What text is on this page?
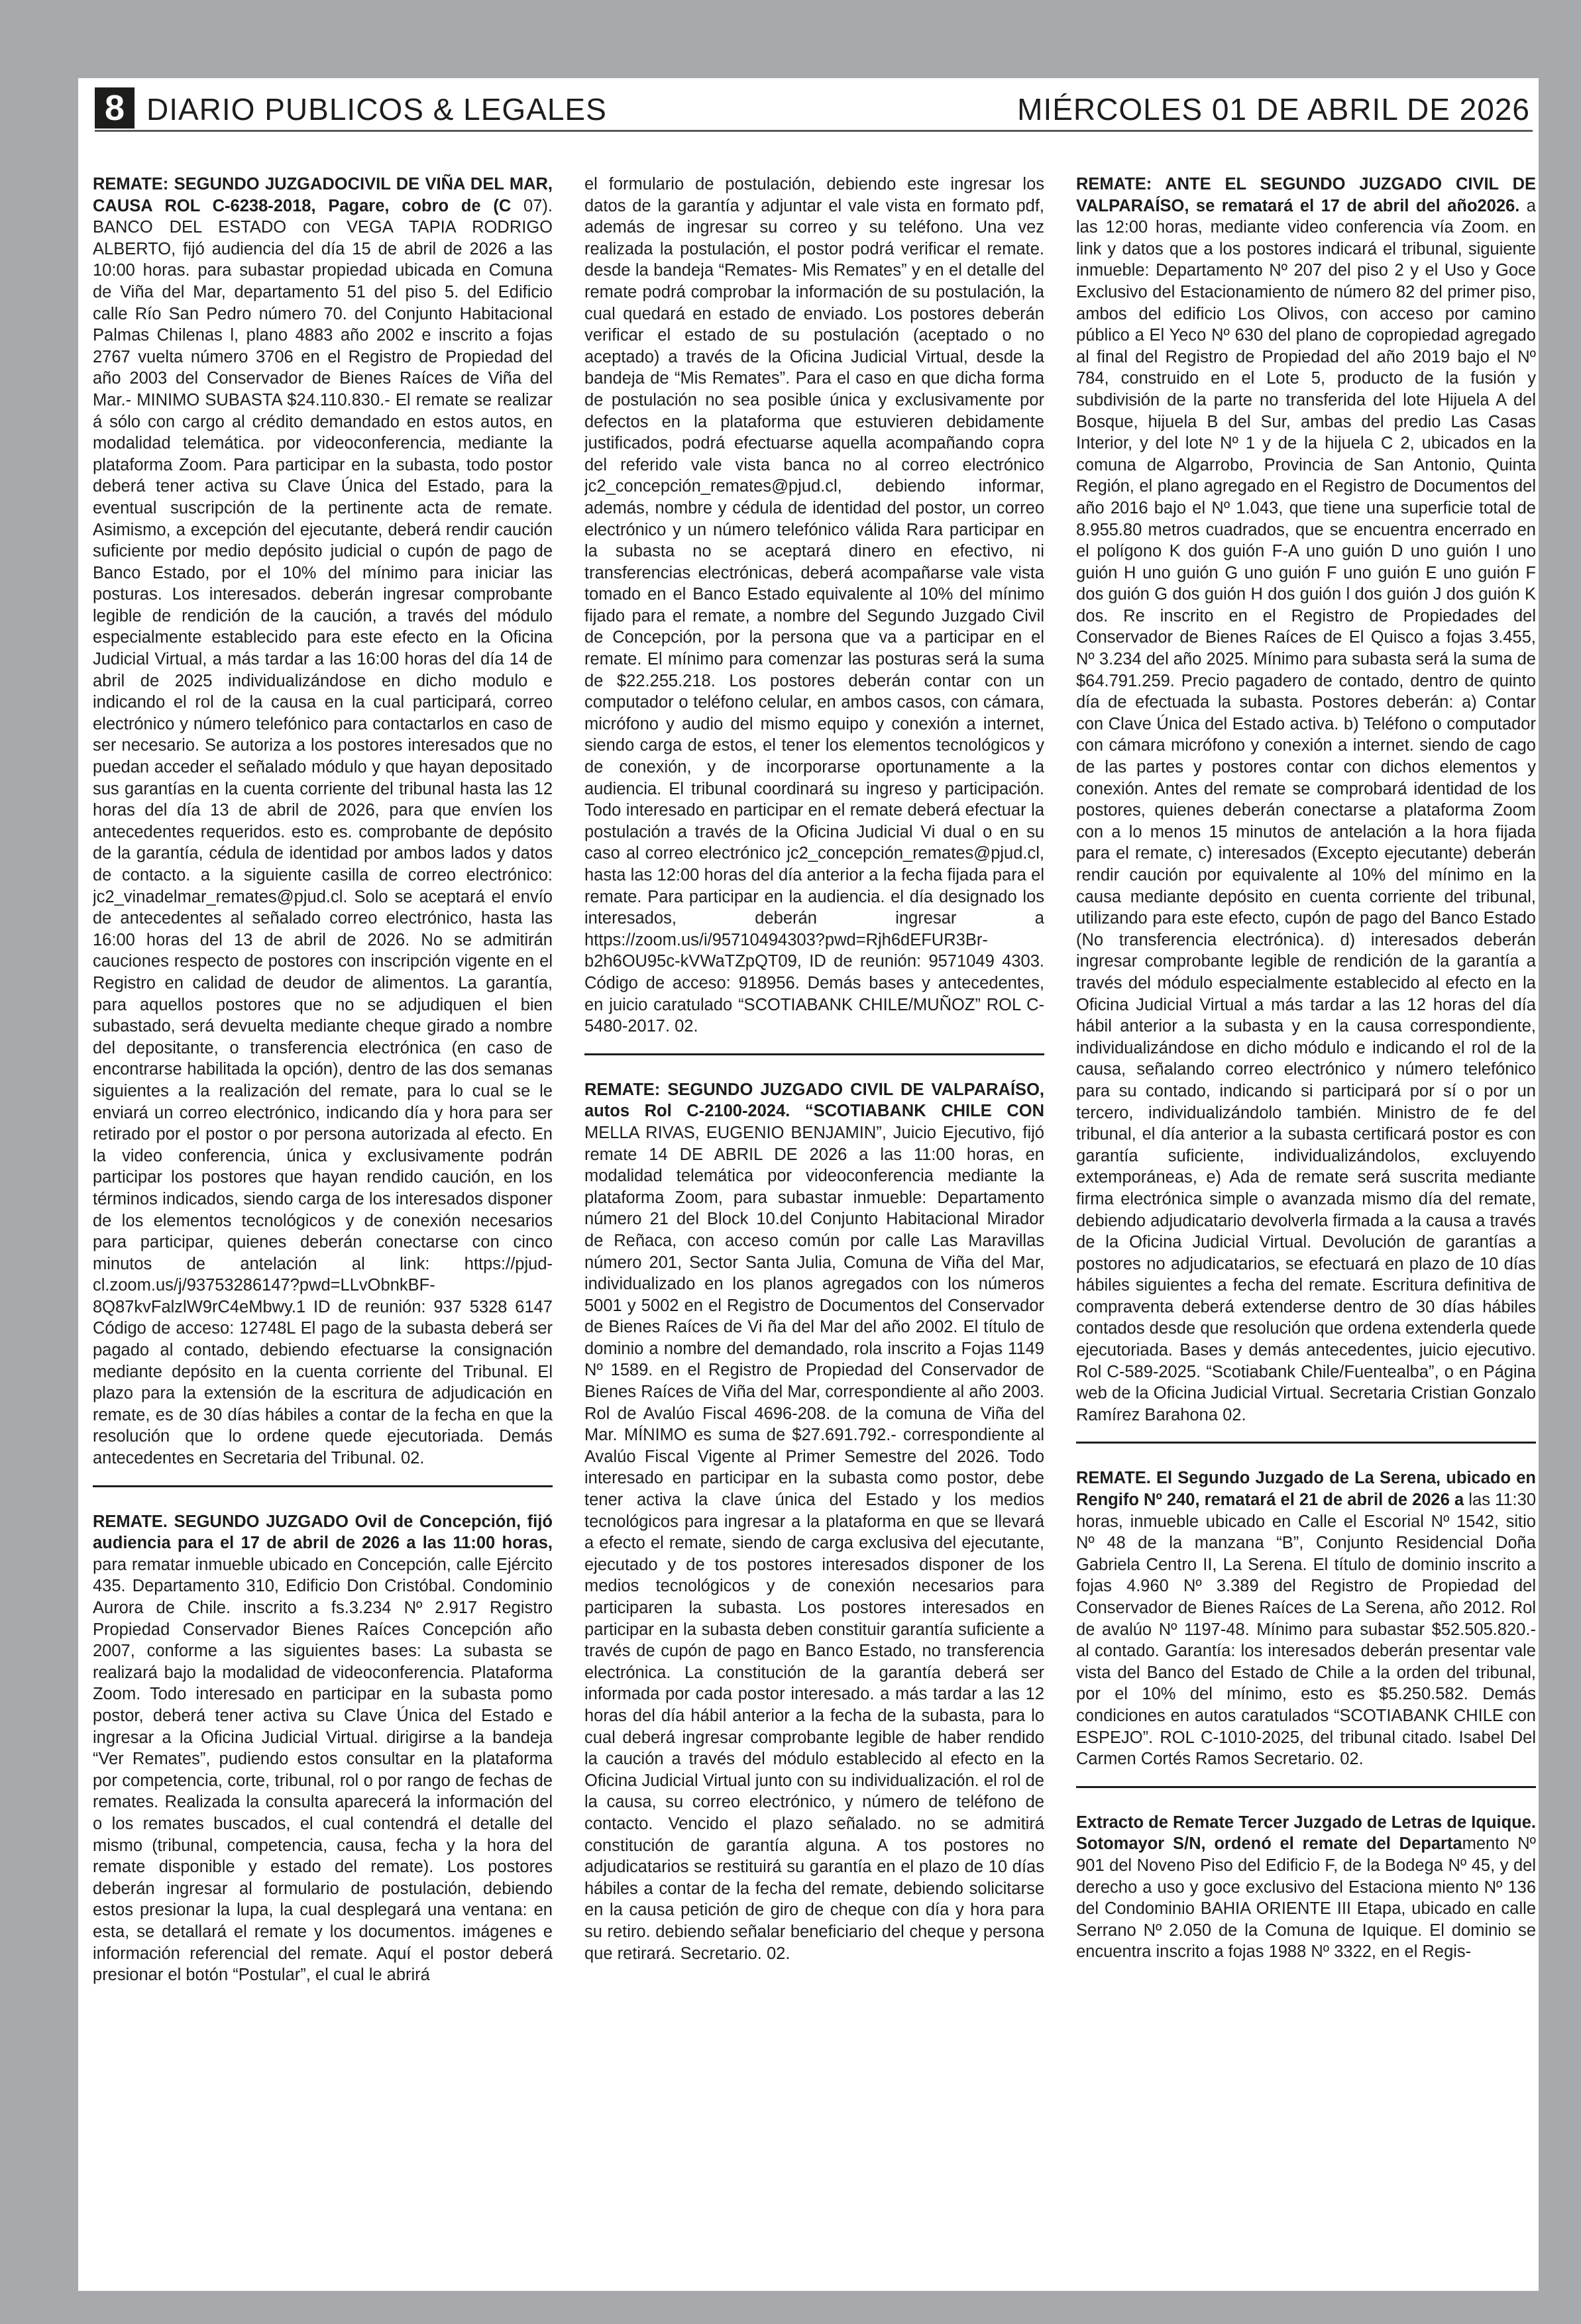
8 DIARIO PUBLICOS & LEGALES	MIÉRCOLES 01 DE ABRIL DE 2026

REMATE: SEGUNDO JUZGADOCIVIL DE VIÑA DEL MAR, CAUSA ROL C-6238-2018, Pagare, cobro de (C 07). BANCO DEL ESTADO con VEGA TAPIA RODRIGO ALBERTO, fijó audiencia del día 15 de abril de 2026 a las 10:00 horas. para subastar propiedad ubicada en Comuna de Viña del Mar, departamento 51 del piso 5. del Edificio calle Río San Pedro número 70. del Conjunto Habitacional Palmas Chilenas l, plano 4883 año 2002 e inscrito a fojas 2767 vuelta número 3706 en el Registro de Propiedad del año 2003 del Conservador de Bienes Raíces de Viña del Mar.- MINIMO SUBASTA $24.110.830.- El remate se realizar á sólo con cargo al crédito demandado en estos autos, en modalidad telemática. por videoconferencia, mediante la plataforma Zoom. Para participar en la subasta, todo postor deberá tener activa su Clave Única del Estado, para la eventual suscripción de la pertinente acta de remate. Asimismo, a excepción del ejecutante, deberá rendir caución suficiente por medio depósito judicial o cupón de pago de Banco Estado, por el 10% del mínimo para iniciar las posturas. Los interesados. deberán ingresar comprobante legible de rendición de la caución, a través del módulo especialmente establecido para este efecto en la Oficina Judicial Virtual, a más tardar a las 16:00 horas del día 14 de abril de 2025 individualizándose en dicho modulo e indicando el rol de la causa en la cual participará, correo electrónico y número telefónico para contactarlos en caso de ser necesario. Se autoriza a los postores interesados que no puedan acceder el señalado módulo y que hayan depositado sus garantías en la cuenta corriente del tribunal hasta las 12 horas del día 13 de abril de 2026, para que envíen los antecedentes requeridos. esto es. comprobante de depósito de la garantía, cédula de identidad por ambos lados y datos de contacto. a la siguiente casilla de correo electrónico: jc2_vinadelmar_remates@pjud.cl. Solo se aceptará el envío de antecedentes al señalado correo electrónico, hasta las 16:00 horas del 13 de abril de 2026. No se admitirán cauciones respecto de postores con inscripción vigente en el Registro en calidad de deudor de alimentos. La garantía, para aquellos postores que no se adjudiquen el bien subastado, será devuelta mediante cheque girado a nombre del depositante, o transferencia electrónica (en caso de encontrarse habilitada la opción), dentro de las dos semanas siguientes a la realización del remate, para lo cual se le enviará un correo electrónico, indicando día y hora para ser retirado por el postor o por persona autorizada al efecto. En la video conferencia, única y exclusivamente podrán participar los postores que hayan rendido caución, en los términos indicados, siendo carga de los interesados disponer de los elementos tecnológicos y de conexión necesarios para participar, quienes deberán conectarse con cinco minutos de antelación al link: https://pjud-cl.zoom.us/j/93753286147?pwd=LLvObnkBF-8Q87kvFalzlW9rC4eMbwy.1 ID de reunión: 937 5328 6147 Código de acceso: 12748L El pago de la subasta deberá ser pagado al contado, debiendo efectuarse la consignación mediante depósito en la cuenta corriente del Tribunal. El plazo para la extensión de la escritura de adjudicación en remate, es de 30 días hábiles a contar de la fecha en que la resolución que lo ordene quede ejecutoriada. Demás antecedentes en Secretaria del Tribunal. 02.

REMATE. SEGUNDO JUZGADO Ovil de Concepción, fijó audiencia para el 17 de abril de 2026 a las 11:00 horas, para rematar inmueble ubicado en Concepción, calle Ejército 435. Departamento 310, Edificio Don Cristóbal. Condominio Aurora de Chile. inscrito a fs.3.234 Nº 2.917 Registro Propiedad Conservador Bienes Raíces Concepción año 2007, conforme a las siguientes bases: La subasta se realizará bajo la modalidad de videoconferencia. Plataforma Zoom. Todo interesado en participar en la subasta pomo postor, deberá tener activa su Clave Única del Estado e ingresar a la Oficina Judicial Virtual. dirigirse a la bandeja “Ver Remates”, pudiendo estos consultar en la plataforma por competencia, corte, tribunal, rol o por rango de fechas de remates. Realizada la consulta aparecerá la información del o los remates buscados, el cual contendrá el detalle del mismo (tribunal, competencia, causa, fecha y la hora del remate disponible y estado del remate). Los postores deberán ingresar al formulario de postulación, debiendo estos presionar la lupa, la cual desplegará una ventana: en esta, se detallará el remate y los documentos. imágenes e información referencial del remate. Aquí el postor deberá presionar el botón “Postular”, el cual le abrirá

el formulario de postulación, debiendo este ingresar los datos de la garantía y adjuntar el vale vista en formato pdf, además de ingresar su correo y su teléfono. Una vez realizada la postulación, el postor podrá verificar el remate. desde la bandeja “Remates- Mis Remates” y en el detalle del remate podrá comprobar la información de su postulación, la cual quedará en estado de enviado. Los postores deberán verificar el estado de su postulación (aceptado o no aceptado) a través de la Oficina Judicial Virtual, desde la bandeja de “Mis Remates”. Para el caso en que dicha forma de postulación no sea posible única y exclusivamente por defectos en la plataforma que estuvieren debidamente justificados, podrá efectuarse aquella acompañando copra del referido vale vista banca no al correo electrónico jc2_concepción_remates@pjud.cl, debiendo informar, además, nombre y cédula de identidad del postor, un correo electrónico y un número telefónico válida Rara participar en la subasta no se aceptará dinero en efectivo, ni transferencias electrónicas, deberá acompañarse vale vista tomado en el Banco Estado equivalente al 10% del mínimo fijado para el remate, a nombre del Segundo Juzgado Civil de Concepción, por la persona que va a participar en el remate. El mínimo para comenzar las posturas será la suma de $22.255.218. Los postores deberán contar con un computador o teléfono celular, en ambos casos, con cámara, micrófono y audio del mismo equipo y conexión a internet, siendo carga de estos, el tener los elementos tecnológicos y de conexión, y de incorporarse oportunamente a la audiencia. El tribunal coordinará su ingreso y participación. Todo interesado en participar en el remate deberá efectuar la postulación a través de la Oficina Judicial Vi dual o en su caso al correo electrónico jc2_concepción_remates@pjud.cl, hasta las 12:00 horas del día anterior a la fecha fijada para el remate. Para participar en la audiencia. el día designado los interesados, deberán ingresar a https://zoom.us/i/95710494303?pwd=Rjh6dEFUR3Br-b2h6OU95c-kVWaTZpQT09, ID de reunión: 9571049 4303. Código de acceso: 918956. Demás bases y antecedentes, en juicio caratulado “SCOTIABANK CHILE/MUÑOZ” ROL C-5480-2017. 02.

REMATE: SEGUNDO JUZGADO CIVIL DE VALPARAÍSO, autos Rol C-2100-2024. “SCOTIABANK CHILE CON MELLA RIVAS, EUGENIO BENJAMIN”, Juicio Ejecutivo, fijó remate 14 DE ABRIL DE 2026 a las 11:00 horas, en modalidad telemática por videoconferencia mediante la plataforma Zoom, para subastar inmueble: Departamento número 21 del Block 10.del Conjunto Habitacional Mirador de Reñaca, con acceso común por calle Las Maravillas número 201, Sector Santa Julia, Comuna de Viña del Mar, individualizado en los planos agregados con los números 5001 y 5002 en el Registro de Documentos del Conservador de Bienes Raíces de Vi ña del Mar del año 2002. El título de dominio a nombre del demandado, rola inscrito a Fojas 1149 Nº 1589. en el Registro de Propiedad del Conservador de Bienes Raíces de Viña del Mar, correspondiente al año 2003. Rol de Avalúo Fiscal 4696-208. de la comuna de Viña del Mar. MÍNIMO es suma de $27.691.792.- correspondiente al Avalúo Fiscal Vigente al Primer Semestre del 2026. Todo interesado en participar en la subasta como postor, debe tener activa la clave única del Estado y los medios tecnológicos para ingresar a la plataforma en que se llevará a efecto el remate, siendo de carga exclusiva del ejecutante, ejecutado y de tos postores interesados disponer de los medios tecnológicos y de conexión necesarios para participaren la subasta. Los postores interesados en participar en la subasta deben constituir garantía suficiente a través de cupón de pago en Banco Estado, no transferencia electrónica. La constitución de la garantía deberá ser informada por cada postor interesado. a más tardar a las 12 horas del día hábil anterior a la fecha de la subasta, para lo cual deberá ingresar comprobante legible de haber rendido la caución a través del módulo establecido al efecto en la Oficina Judicial Virtual junto con su individualización. el rol de la causa, su correo electrónico, y número de teléfono de contacto. Vencido el plazo señalado. no se admitirá constitución de garantía alguna. A tos postores no adjudicatarios se restituirá su garantía en el plazo de 10 días hábiles a contar de la fecha del remate, debiendo solicitarse en la causa petición de giro de cheque con día y hora para su retiro. debiendo señalar beneficiario del cheque y persona que retirará. Secretario. 02.

REMATE: ANTE EL SEGUNDO JUZGADO CIVIL DE VALPARAÍSO, se rematará el 17 de abril del año2026. a las 12:00 horas, mediante video conferencia vía Zoom. en link y datos que a los postores indicará el tribunal, siguiente inmueble: Departamento Nº 207 del piso 2 y el Uso y Goce Exclusivo del Estacionamiento de número 82 del primer piso, ambos del edificio Los Olivos, con acceso por camino público a El Yeco Nº 630 del plano de copropiedad agregado al final del Registro de Propiedad del año 2019 bajo el Nº 784, construido en el Lote 5, producto de la fusión y subdivisión de la parte no transferida del lote Hijuela A del Bosque, hijuela B del Sur, ambas del predio Las Casas Interior, y del lote Nº 1 y de la hijuela C 2, ubicados en la comuna de Algarrobo, Provincia de San Antonio, Quinta Región, el plano agregado en el Registro de Documentos del año 2016 bajo el Nº 1.043, que tiene una superficie total de 8.955.80 metros cuadrados, que se encuentra encerrado en el polígono K dos guión F-A uno guión D uno guión I uno guión H uno guión G uno guión F uno guión E uno guión F dos guión G dos guión H dos guión l dos guión J dos guión K dos. Re inscrito en el Registro de Propiedades del Conservador de Bienes Raíces de El Quisco a fojas 3.455, Nº 3.234 del año 2025. Mínimo para subasta será la suma de $64.791.259. Precio pagadero de contado, dentro de quinto día de efectuada la subasta. Postores deberán: a) Contar con Clave Única del Estado activa. b) Teléfono o computador con cámara micrófono y conexión a internet. siendo de cago de las partes y postores contar con dichos elementos y conexión. Antes del remate se comprobará identidad de los postores, quienes deberán conectarse a plataforma Zoom con a lo menos 15 minutos de antelación a la hora fijada para el remate, c) interesados (Excepto ejecutante) deberán rendir caución por equivalente al 10% del mínimo en la causa mediante depósito en cuenta corriente del tribunal, utilizando para este efecto, cupón de pago del Banco Estado (No transferencia electrónica). d) interesados deberán ingresar comprobante legible de rendición de la garantía a través del módulo especialmente establecido al efecto en la Oficina Judicial Virtual a más tardar a las 12 horas del día hábil anterior a la subasta y en la causa correspondiente, individualizándose en dicho módulo e indicando el rol de la causa, señalando correo electrónico y número telefónico para su contado, indicando si participará por sí o por un tercero, individualizándolo también. Ministro de fe del tribunal, el día anterior a la subasta certificará postor es con garantía suficiente, individualizándolos, excluyendo extemporáneas, e) Ada de remate será suscrita mediante firma electrónica simple o avanzada mismo día del remate, debiendo adjudicatario devolverla firmada a la causa a través de la Oficina Judicial Virtual. Devolución de garantías a postores no adjudicatarios, se efectuará en plazo de 10 días hábiles siguientes a fecha del remate. Escritura definitiva de compraventa deberá extenderse dentro de 30 días hábiles contados desde que resolución que ordena extenderla quede ejecutoriada. Bases y demás antecedentes, juicio ejecutivo. Rol C-589-2025. “Scotiabank Chile/Fuentealba”, o en Página web de la Oficina Judicial Virtual. Secretaria Cristian Gonzalo Ramírez Barahona 02.

REMATE. El Segundo Juzgado de La Serena, ubicado en Rengifo Nº 240, rematará el 21 de abril de 2026 a las 11:30 horas, inmueble ubicado en Calle el Escorial Nº 1542, sitio Nº 48 de la manzana “B”, Conjunto Residencial Doña Gabriela Centro II, La Serena. El título de dominio inscrito a fojas 4.960 Nº 3.389 del Registro de Propiedad del Conservador de Bienes Raíces de La Serena, año 2012. Rol de avalúo Nº 1197-48. Mínimo para subastar $52.505.820.- al contado. Garantía: los interesados deberán presentar vale vista del Banco del Estado de Chile a la orden del tribunal, por el 10% del mínimo, esto es $5.250.582. Demás condiciones en autos caratulados “SCOTIABANK CHILE con ESPEJO”. ROL C-1010-2025, del tribunal citado. Isabel Del Carmen Cortés Ramos Secretario. 02.

Extracto de Remate Tercer Juzgado de Letras de Iquique. Sotomayor S/N, ordenó el remate del Departamento Nº 901 del Noveno Piso del Edificio F, de la Bodega Nº 45, y del derecho a uso y goce exclusivo del Estaciona miento Nº 136 del Condominio BAHIA ORIENTE III Etapa, ubicado en calle Serrano Nº 2.050 de la Comuna de Iquique. El dominio se encuentra inscrito a fojas 1988 Nº 3322, en el Regis-
